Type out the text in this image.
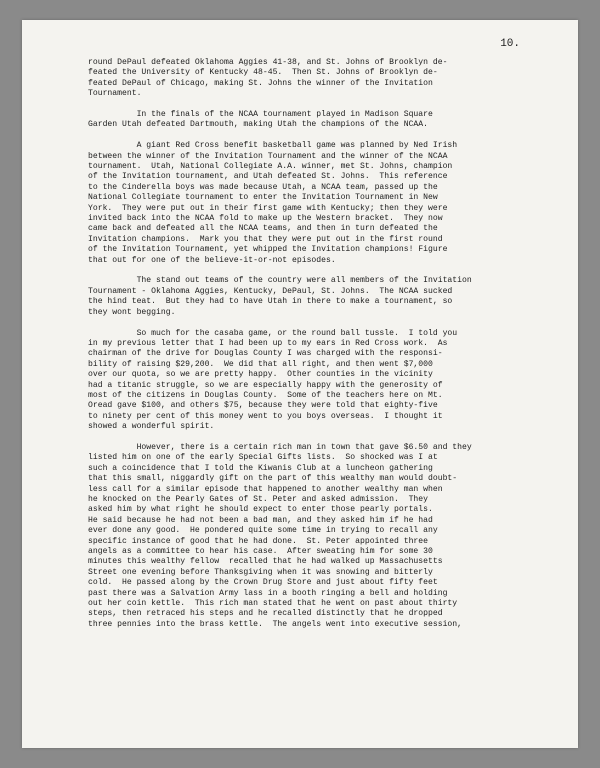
10.

round DePaul defeated Oklahoma Aggies 41-38, and St. Johns of Brooklyn de-
feated the University of Kentucky 48-45.  Then St. Johns of Brooklyn de-
feated DePaul of Chicago, making St. Johns the winner of the Invitation
Tournament.

In the finals of the NCAA tournament played in Madison Square
Garden Utah defeated Dartmouth, making Utah the champions of the NCAA.

A giant Red Cross benefit basketball game was planned by Ned Irish
between the winner of the Invitation Tournament and the winner of the NCAA
tournament.  Utah, National Collegiate A.A. winner, met St. Johns, champion
of the Invitation tournament, and Utah defeated St. Johns.  This reference
to the Cinderella boys was made because Utah, a NCAA team, passed up the
National Collegiate tournament to enter the Invitation Tournament in New
York.  They were put out in their first game with Kentucky; then they were
invited back into the NCAA fold to make up the Western bracket.  They now
came back and defeated all the NCAA teams, and then in turn defeated the
Invitation champions.  Mark you that they were put out in the first round
of the Invitation Tournament, yet whipped the Invitation champions! Figure
that out for one of the believe-it-or-not episodes.

The stand out teams of the country were all members of the Invitation
Tournament - Oklahoma Aggies, Kentucky, DePaul, St. Johns.  The NCAA sucked
the hind teat.  But they had to have Utah in there to make a tournament, so
they wont begging.

So much for the casaba game, or the round ball tussle.  I told you
in my previous letter that I had been up to my ears in Red Cross work.  As
chairman of the drive for Douglas County I was charged with the responsi-
bility of raising $29,200.  We did that all right, and then went $7,000
over our quota, so we are pretty happy.  Other counties in the vicinity
had a titanic struggle, so we are especially happy with the generosity of
most of the citizens in Douglas County.  Some of the teachers here on Mt.
Oread gave $100, and others $75, because they were told that eighty-five
to ninety per cent of this money went to you boys overseas.  I thought it
showed a wonderful spirit.

However, there is a certain rich man in town that gave $6.50 and they
listed him on one of the early Special Gifts lists.  So shocked was I at
such a coincidence that I told the Kiwanis Club at a luncheon gathering
that this small, niggardly gift on the part of this wealthy man would doubt-
less call for a similar episode that happened to another wealthy man when
he knocked on the Pearly Gates of St. Peter and asked admission.  They
asked him by what right he should expect to enter those pearly portals.
He said because he had not been a bad man, and they asked him if he had
ever done any good.  He pondered quite some time in trying to recall any
specific instance of good that he had done.  St. Peter appointed three
angels as a committee to hear his case.  After sweating him for some 30
minutes this wealthy fellow  recalled that he had walked up Massachusetts
Street one evening before Thanksgiving when it was snowing and bitterly
cold.  He passed along by the Crown Drug Store and just about fifty feet
past there was a Salvation Army lass in a booth ringing a bell and holding
out her coin kettle.  This rich man stated that he went on past about thirty
steps, then retraced his steps and he recalled distinctly that he dropped
three pennies into the brass kettle.  The angels went into executive session,
